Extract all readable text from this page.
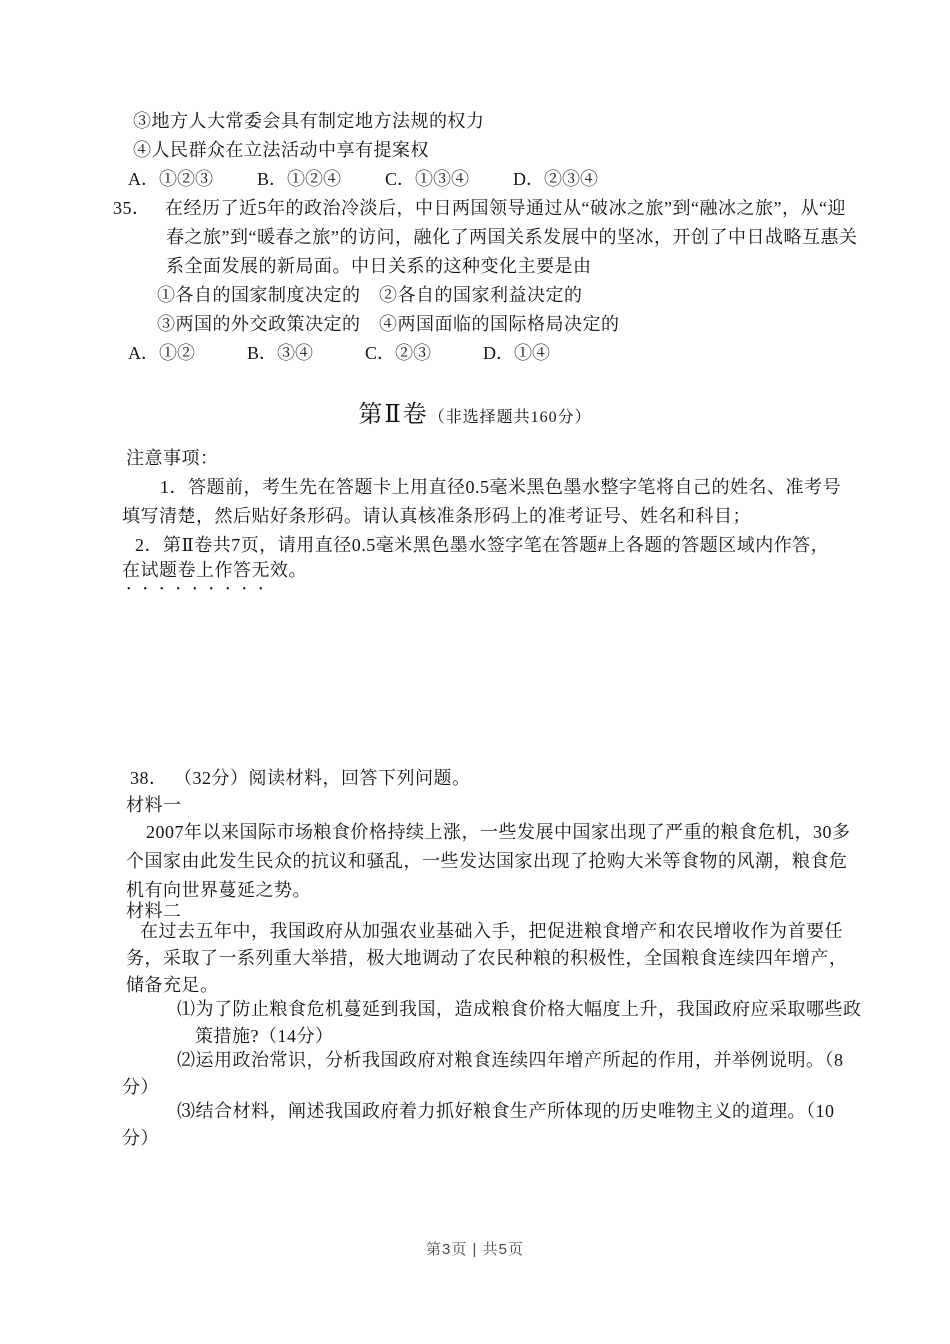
③地方人大常委会具有制定地方法规的权力
④人民群众在立法活动中享有提案权
A．①②③ B．①②④ C．①③④ D．②③④
35． 在经历了近5年的政治冷淡后，中日两国领导通过从“破冰之旅”到“融冰之旅”，从“迎
春之旅”到“暖春之旅”的访问，融化了两国关系发展中的坚冰，开创了中日战略互惠关
系全面发展的新局面。中日关系的这种变化主要是由
①各自的国家制度决定的　②各自的国家利益决定的
③两国的外交政策决定的　④两国面临的国际格局决定的
A．①②	B．③④	C．②③	D．①④
第Ⅱ卷（非选择题共160分）
注意事项：
1．答题前，考生先在答题卡上用直径0.5毫米黑色墨水整字笔将自己的姓名、准考号
填写清楚，然后贴好条形码。请认真核准条形码上的准考证号、姓名和科目；
2．第Ⅱ卷共7页，请用直径0.5毫米黑色墨水签字笔在答题#上各题的答题区域内作答，
在试题卷上作答无效。
•••••••••
38． （32分）阅读材料，回答下列问题。
材料一
2007年以来国际市场粮食价格持续上涨，一些发展中国家出现了严重的粮食危机，30多
个国家由此发生民众的抗议和骚乱，一些发达国家出现了抢购大米等食物的风潮，粮食危
机有向世界蔓延之势。
材料二
在过去五年中，我国政府从加强农业基础入手，把促进粮食增产和农民增收作为首要任
务，采取了一系列重大举措，极大地调动了农民种粮的积极性，全国粮食连续四年增产，
储备充足。
⑴为了防止粮食危机蔓延到我国，造成粮食价格大幅度上升，我国政府应采取哪些政
策措施?（14分）
⑵运用政治常识，分析我国政府对粮食连续四年增产所起的作用，并举例说明。（8
分）
⑶结合材料，阐述我国政府着力抓好粮食生产所体现的历史唯物主义的道理。（10
分）
第3页 | 共5页
